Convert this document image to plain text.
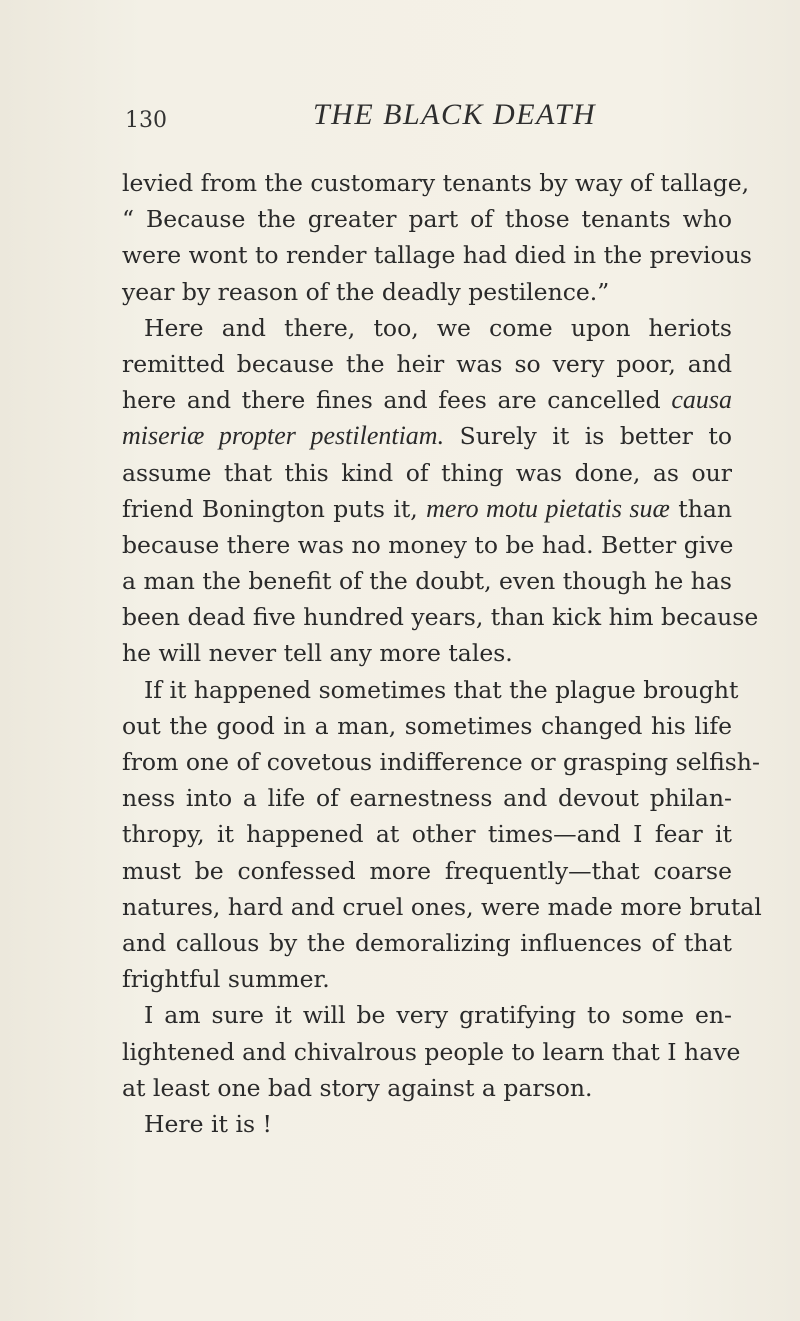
130	THE BLACK DEATH
levied from the customary tenants by way of tallage,
“ Because the greater part of those tenants who
were wont to render tallage had died in the previous
year by reason of the deadly pestilence.”
Here and there, too, we come upon heriots
remitted because the heir was so very poor, and
here and there fines and fees are cancelled causa
miseriæ propter pestilentiam. Surely it is better to
assume that this kind of thing was done, as our
friend Bonington puts it, mero motu pietatis suæ than
because there was no money to be had. Better give
a man the benefit of the doubt, even though he has
been dead five hundred years, than kick him because
he will never tell any more tales.
If it happened sometimes that the plague brought
out the good in a man, sometimes changed his life
from one of covetous indifference or grasping selfish-
ness into a life of earnestness and devout philan-
thropy, it happened at other times—and I fear it
must be confessed more frequently—that coarse
natures, hard and cruel ones, were made more brutal
and callous by the demoralizing influences of that
frightful summer.
I am sure it will be very gratifying to some en-
lightened and chivalrous people to learn that I have
at least one bad story against a parson.
Here it is !
